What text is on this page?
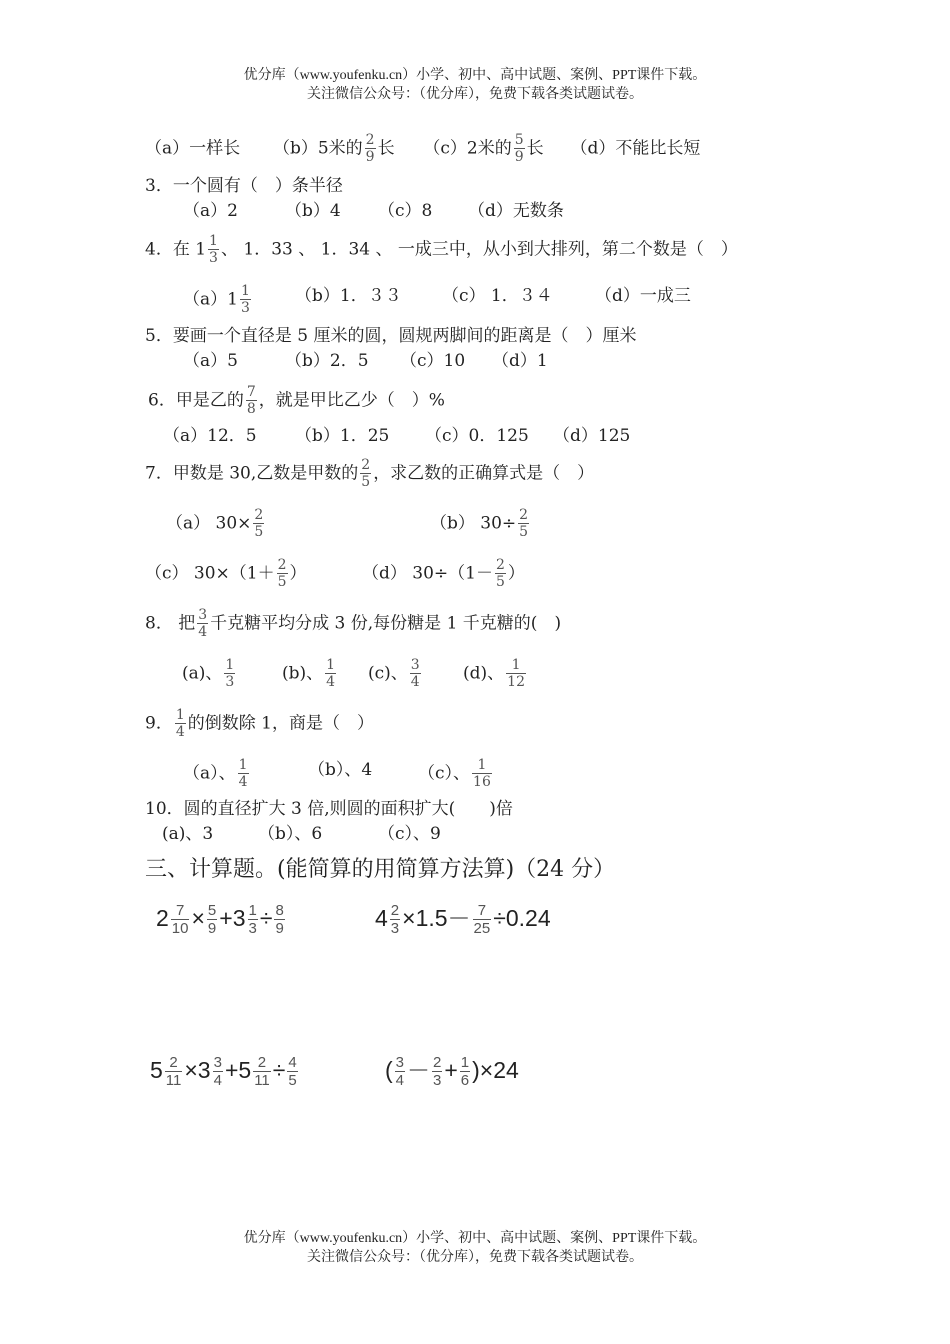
优分库（www.youfenku.cn）小学、初中、高中试题、案例、PPT课件下载。
关注微信公众号：（优分库），免费下载各类试题试卷。
（a）一样长 （b）5米的 $\frac{2}{9}$ 长 （c）2米的 $\frac{5}{9}$ 长 （d）不能比长短
3．一个圆有（　）条半径
（a）2	（b）4 （c）8 （d）无数条
4．在 $1 \frac{1}{3}$ 、 1．33 、 1．34 、 一成三中，从小到大排列，第二个数是（　）
$(a)1 \frac{1}{3}$	（b）1．３３ （c） 1．３４ （d）一成三
5．要画一个直径是 5 厘米的圆，圆规两脚间的距离是（　）厘米
（a）5	（b）2．5 （c）10 （d）1
6．甲是乙的 $\frac{7}{8}$ ，就是甲比乙少（　）%
（a）12．5 （b）1．25 （c）0．125 （d）125
7．甲数是 30,乙数是甲数的 $\frac{2}{5}$ ，求乙数的正确算式是（　）
（a） $30\times \frac{2}{5}$	（b） $30\div \frac{2}{5}$
（c） $30\times(1+ \frac{2}{5}$ ）	（d） $30\div(1- \frac{2}{5}$ ）
8． 把 $\frac{3}{4}$ 千克糖平均分成 3 份,每份糖是 1 千克糖的(　)
(a)、 $\frac{1}{3}$	(b)、 $\frac{1}{4} (c)$、 $\frac{3}{4} (d)$、 $\frac{1}{12}$
9． $\frac{1}{4}$ 的倒数除 1，商是（　）
（a）、 $\frac{1}{4}$	（b）、4	（c）、 $\frac{1}{16}$
10．圆的直径扩大 3 倍,则圆的面积扩大(　　)倍
(a)、3	（b）、6	（c）、9
三、计算题。(能简算的用简算方法算)（24 分）
$2 \frac{7}{10} \times \frac{5}{9} +3 \frac{1}{3} \div \frac{8}{9}$	$4 \frac{2}{3} \times 1.5- \frac{7}{25} \div 0.24$
$5 \frac{2}{11} \times 3 \frac{3}{4} +5 \frac{2}{11} \div \frac{4}{5}$	( $\frac{3}{4} - \frac{2}{3} + \frac{1}{6} )\times 24$
优分库（www.youfenku.cn）小学、初中、高中试题、案例、PPT课件下载。
关注微信公众号：（优分库），免费下载各类试题试卷。
